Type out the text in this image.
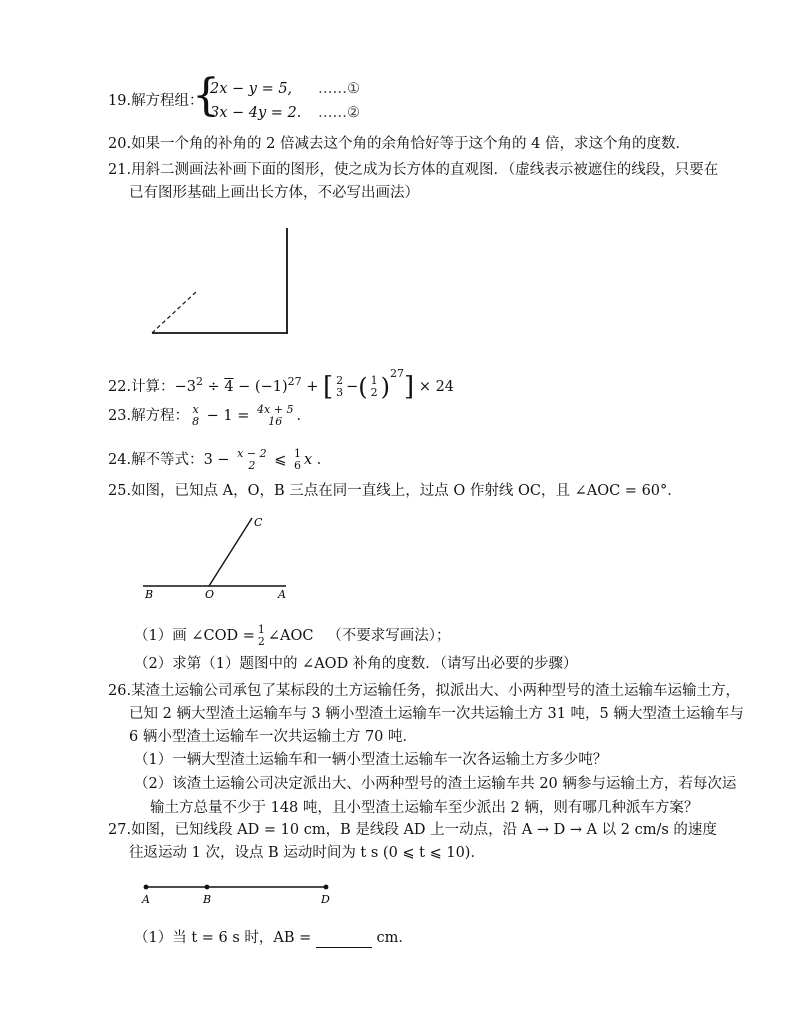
19.解方程组：
{
2x − y = 5, ……①
3x − 4y = 2. ……②
20.如果一个角的补角的 2 倍减去这个角的余角恰好等于这个角的 4 倍，求这个角的度数．
21.用斜二测画法补画下面的图形，使之成为长方体的直观图．（虚线表示被遮住的线段，只要在
已有图形基础上画出长方体，不必写出画法）
22.计算：$-3^2 \div 4 - (-1)^{27}$ + [ 2
3 −( 1
2 )$^{27}$] × 24
23.解方程： x
8 − 1 = 4x + 5
16 ．
24.解不等式：3 − x − 2
2 ⩽ 1
6 x ．
25.如图，已知点 A，O，B 三点在同一直线上，过点 O 作射线 OC，且 ∠AOC = 60°．
C
B	O	A
（1）画 ∠COD = 1
2 ∠AOC （不要求写画法）；
（2）求第（1）题图中的 ∠AOD 补角的度数．（请写出必要的步骤）
26.某渣土运输公司承包了某标段的土方运输任务，拟派出大、小两种型号的渣土运输车运输土方，
已知 2 辆大型渣土运输车与 3 辆小型渣土运输车一次共运输土方 31 吨，5 辆大型渣土运输车与
6 辆小型渣土运输车一次共运输土方 70 吨．
（1）一辆大型渣土运输车和一辆小型渣土运输车一次各运输土方多少吨？
（2）该渣土运输公司决定派出大、小两种型号的渣土运输车共 20 辆参与运输土方，若每次运
输土方总量不少于 148 吨，且小型渣土运输车至少派出 2 辆，则有哪几种派车方案？
27.如图，已知线段 AD = 10 cm，B 是线段 AD 上一动点，沿 A → D → A 以 2 cm/s 的速度
往返运动 1 次，设点 B 运动时间为 t s (0 ⩽ t ⩽ 10)．
A	B	D
（1）当 t = 6 s 时，AB =	cm．
